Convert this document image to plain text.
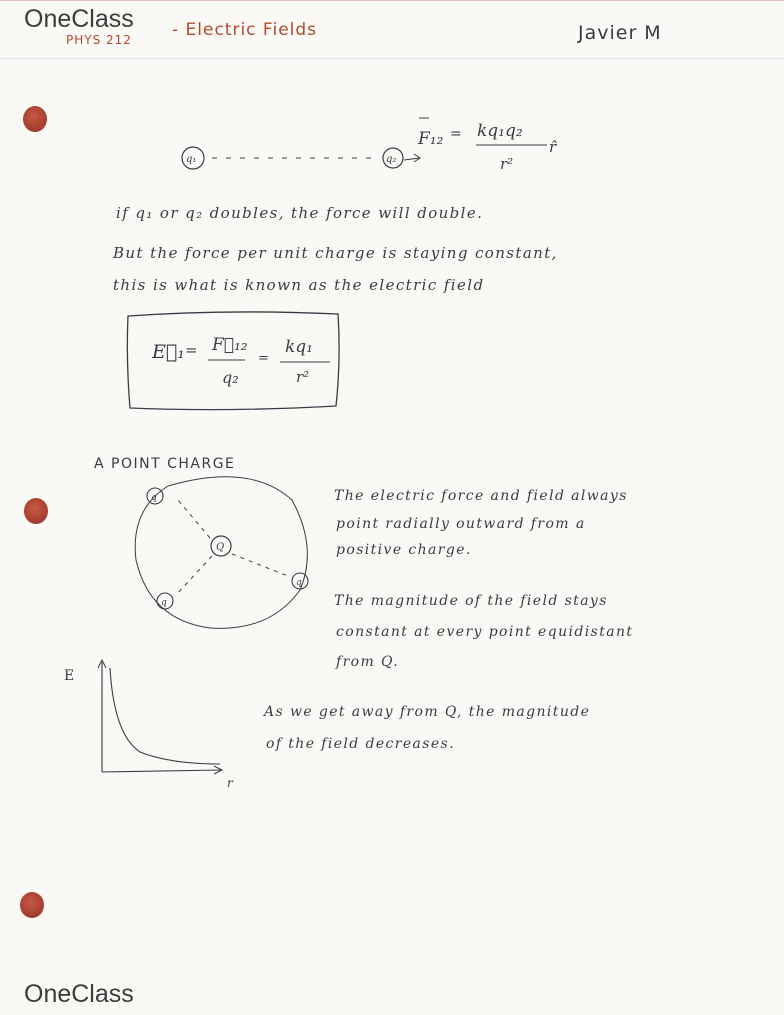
OneClass
PHYS 212 - Electric Fields	Javier M
q₁	q₂
F₁₂ = kq₁q₂
r²
r̂
E⃗₁ = F⃗₁₂
q₂
=
kq₁
r²
Q
q
q
q
if q₁ or q₂ doubles, the force will double.
But the force per unit charge is staying constant,
this is what is known as the electric field
A POINT CHARGE
The electric force and field always
point radially outward from a
positive charge.
The magnitude of the field stays
constant at every point equidistant
from Q.
E
r
As we get away from Q, the magnitude
of the field decreases.
OneClass
